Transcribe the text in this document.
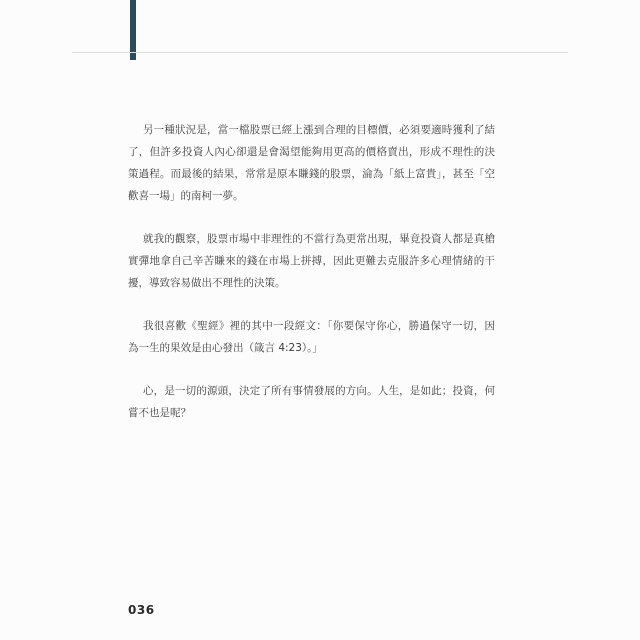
另一種狀況是，當一檔股票已經上漲到合理的目標價，必須要適時獲利了結
了，但許多投資人內心卻還是會渴望能夠用更高的價格賣出，形成不理性的決
策過程。而最後的結果，常常是原本賺錢的股票，淪為「紙上富貴」，甚至「空
歡喜一場」的南柯一夢。
就我的觀察，股票市場中非理性的不當行為更常出現，畢竟投資人都是真槍
實彈地拿自己辛苦賺來的錢在市場上拼搏，因此更難去克服許多心理情緒的干
擾，導致容易做出不理性的決策。
我很喜歡《聖經》裡的其中一段經文：「你要保守你心，勝過保守一切，因
為一生的果效是由心發出（箴言 4:23）。」
心，是一切的源頭，決定了所有事情發展的方向。人生，是如此；投資，何
嘗不也是呢？
036
